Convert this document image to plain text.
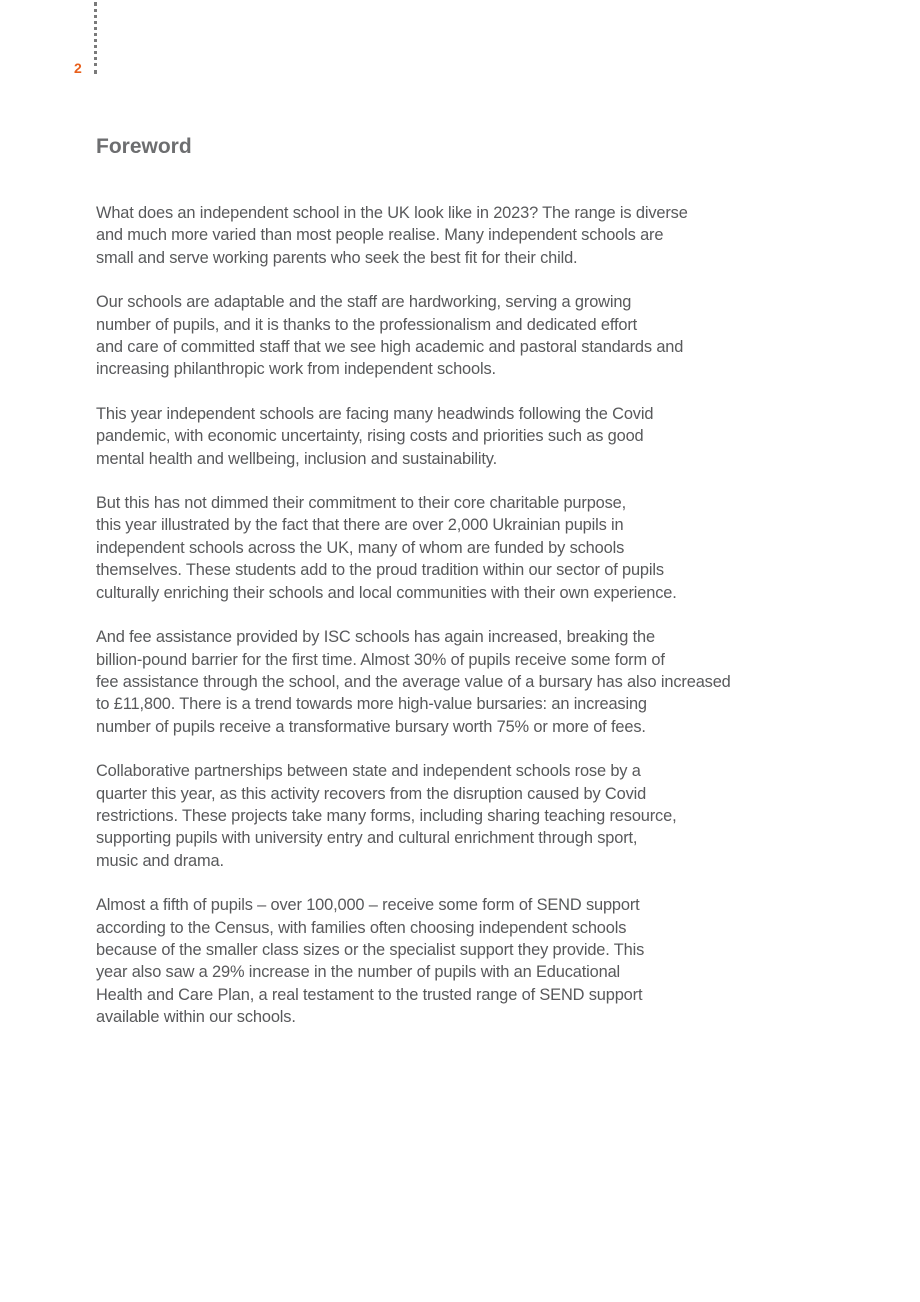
2
Foreword

What does an independent school in the UK look like in 2023? The range is diverse
and much more varied than most people realise. Many independent schools are
small and serve working parents who seek the best fit for their child.

Our schools are adaptable and the staff are hardworking, serving a growing
number of pupils, and it is thanks to the professionalism and dedicated effort
and care of committed staff that we see high academic and pastoral standards and
increasing philanthropic work from independent schools.

This year independent schools are facing many headwinds following the Covid
pandemic, with economic uncertainty, rising costs and priorities such as good
mental health and wellbeing, inclusion and sustainability.

But this has not dimmed their commitment to their core charitable purpose,
this year illustrated by the fact that there are over 2,000 Ukrainian pupils in
independent schools across the UK, many of whom are funded by schools
themselves. These students add to the proud tradition within our sector of pupils
culturally enriching their schools and local communities with their own experience.

And fee assistance provided by ISC schools has again increased, breaking the
billion-pound barrier for the first time. Almost 30% of pupils receive some form of
fee assistance through the school, and the average value of a bursary has also increased
to £11,800. There is a trend towards more high-value bursaries: an increasing
number of pupils receive a transformative bursary worth 75% or more of fees.

Collaborative partnerships between state and independent schools rose by a
quarter this year, as this activity recovers from the disruption caused by Covid
restrictions. These projects take many forms, including sharing teaching resource,
supporting pupils with university entry and cultural enrichment through sport,
music and drama.

Almost a fifth of pupils – over 100,000 – receive some form of SEND support
according to the Census, with families often choosing independent schools
because of the smaller class sizes or the specialist support they provide. This
year also saw a 29% increase in the number of pupils with an Educational
Health and Care Plan, a real testament to the trusted range of SEND support
available within our schools.
